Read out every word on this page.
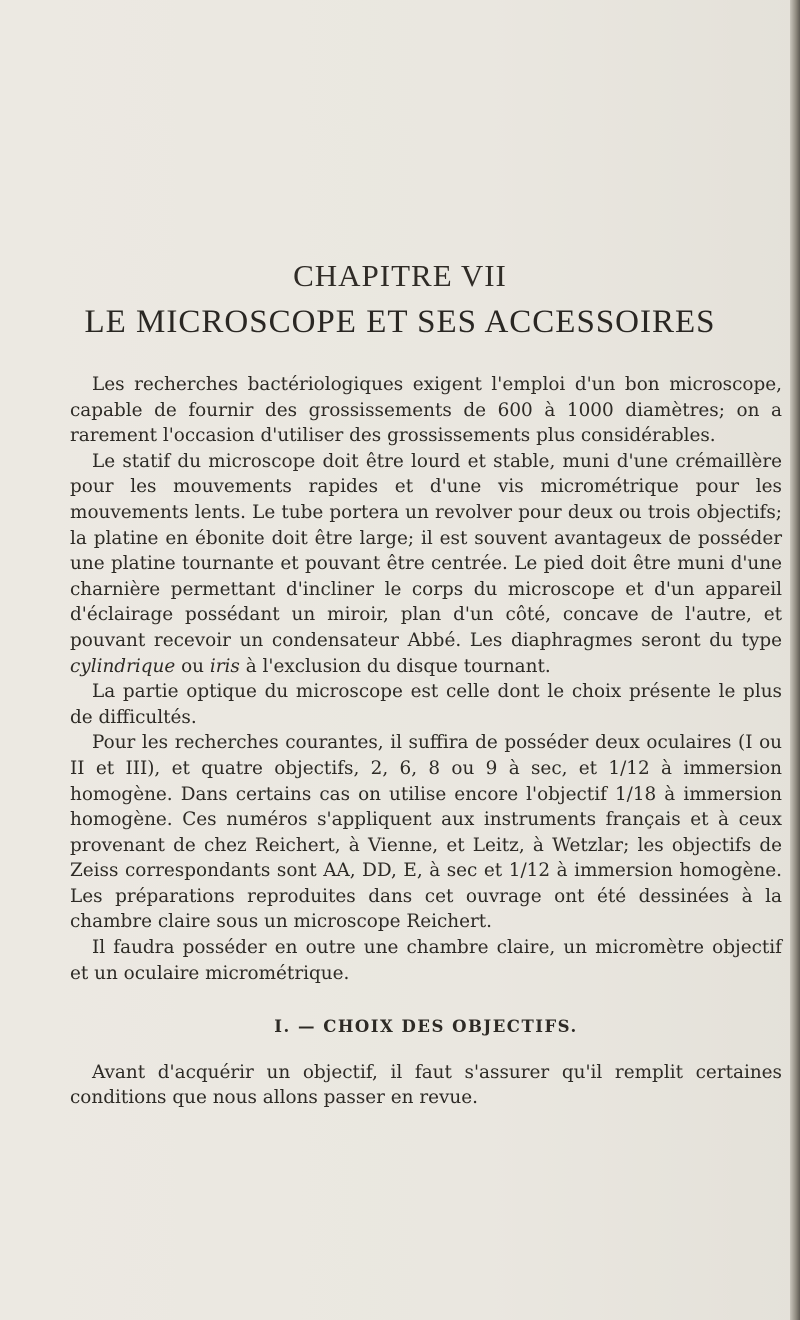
CHAPITRE VII
LE MICROSCOPE ET SES ACCESSOIRES

Les recherches bactériologiques exigent l'emploi d'un bon microscope, capable de fournir des grossissements de 600 à 1000 diamètres; on a rarement l'occasion d'utiliser des grossissements plus considérables.

Le statif du microscope doit être lourd et stable, muni d'une crémaillère pour les mouvements rapides et d'une vis micrométrique pour les mouvements lents. Le tube portera un revolver pour deux ou trois objectifs; la platine en ébonite doit être large; il est souvent avantageux de posséder une platine tournante et pouvant être centrée. Le pied doit être muni d'une charnière permettant d'incliner le corps du microscope et d'un appareil d'éclairage possédant un miroir, plan d'un côté, concave de l'autre, et pouvant recevoir un condensateur Abbé. Les diaphragmes seront du type cylindrique ou iris à l'exclusion du disque tournant.

La partie optique du microscope est celle dont le choix présente le plus de difficultés.

Pour les recherches courantes, il suffira de posséder deux oculaires (I ou II et III), et quatre objectifs, 2, 6, 8 ou 9 à sec, et 1/12 à immersion homogène. Dans certains cas on utilise encore l'objectif 1/18 à immersion homogène. Ces numéros s'appliquent aux instruments français et à ceux provenant de chez Reichert, à Vienne, et Leitz, à Wetzlar; les objectifs de Zeiss correspondants sont AA, DD, E, à sec et 1/12 à immersion homogène. Les préparations reproduites dans cet ouvrage ont été dessinées à la chambre claire sous un microscope Reichert.

Il faudra posséder en outre une chambre claire, un micromètre objectif et un oculaire micrométrique.

I. — CHOIX DES OBJECTIFS.

Avant d'acquérir un objectif, il faut s'assurer qu'il remplit certaines conditions que nous allons passer en revue.
